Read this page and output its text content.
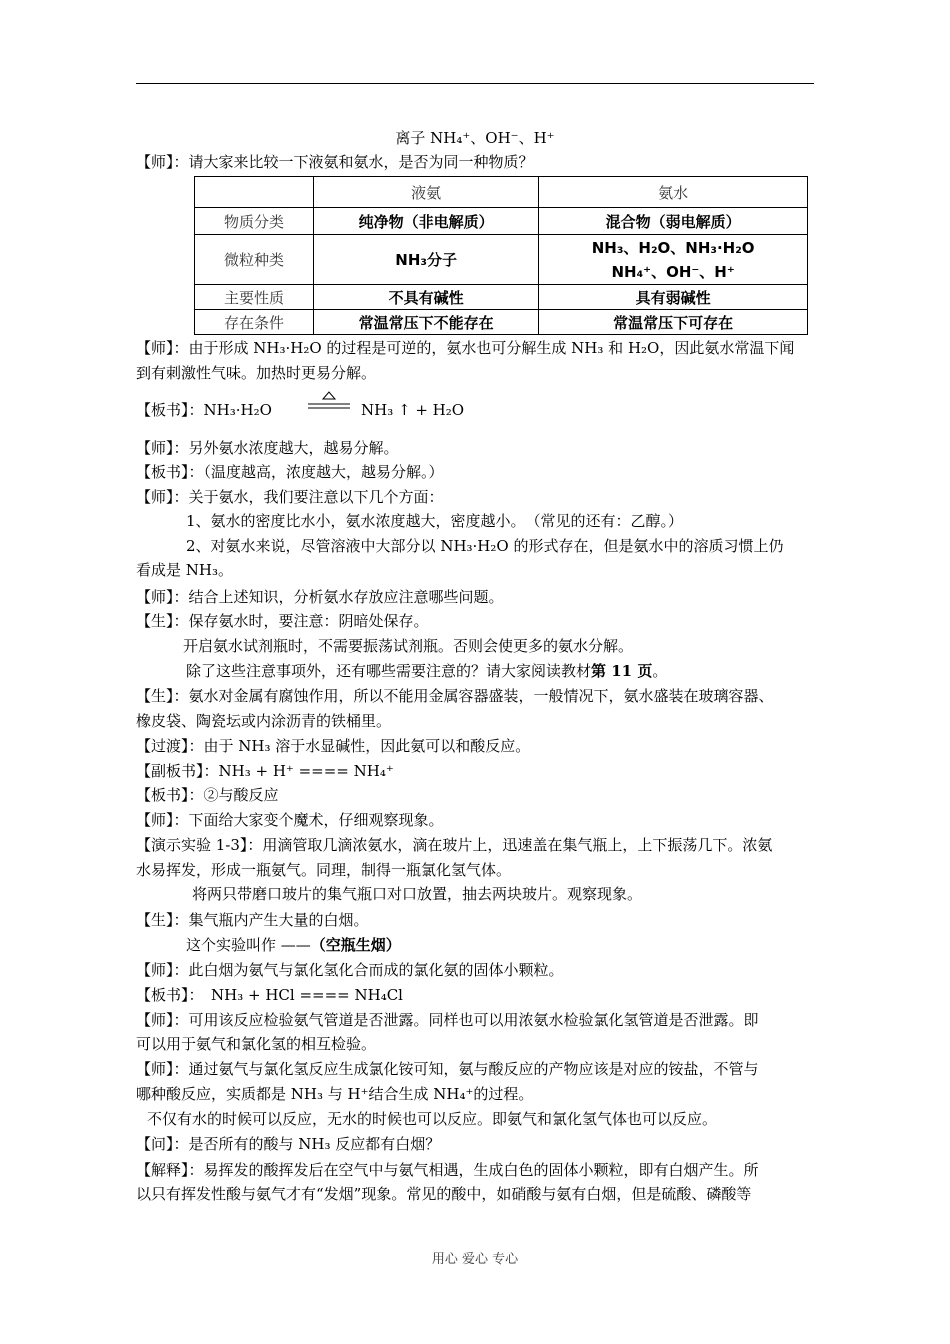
离子 NH₄⁺、OH⁻、H⁺
【师】：请大家来比较一下液氨和氨水，是否为同一种物质？
	液氨	氨水
物质分类	纯净物（非电解质）	混合物（弱电解质）
微粒种类	NH₃分子	NH₃、H₂O、NH₃·H₂O
NH₄⁺、OH⁻、H⁺

主要性质	不具有碱性	具有弱碱性
存在条件	常温常压下不能存在	常温常压下可存在
【师】：由于形成 NH₃·H₂O 的过程是可逆的，氨水也可分解生成 NH₃ 和 H₂O，因此氨水常温下闻
到有刺激性气味。加热时更易分解。
【板书】：NH₃·H₂O	NH₃ ↑ + H₂O
【师】：另外氨水浓度越大，越易分解。
【板书】：（温度越高，浓度越大，越易分解。）
【师】：关于氨水，我们要注意以下几个方面：
1、氨水的密度比水小，氨水浓度越大，密度越小。　（常见的还有：乙醇。）
2、对氨水来说，尽管溶液中大部分以 NH₃·H₂O 的形式存在，但是氨水中的溶质习惯上仍
看成是 NH₃。
【师】：结合上述知识，分析氨水存放应注意哪些问题。
【生】：保存氨水时，要注意：阴暗处保存。
开启氨水试剂瓶时，不需要振荡试剂瓶。否则会使更多的氨水分解。
除了这些注意事项外，还有哪些需要注意的？请大家阅读教材第 11 页。
【生】：氨水对金属有腐蚀作用，所以不能用金属容器盛装，一般情况下，氨水盛装在玻璃容器、
橡皮袋、陶瓷坛或内涂沥青的铁桶里。
【过渡】：由于 NH₃ 溶于水显碱性，因此氨可以和酸反应。
【副板书】：NH₃ + H⁺ ==== NH₄⁺
【板书】：②与酸反应
【师】：下面给大家变个魔术，仔细观察现象。
【演示实验 1-3】：用滴管取几滴浓氨水，滴在玻片上，迅速盖在集气瓶上，上下振荡几下。浓氨
水易挥发，形成一瓶氨气。同理，制得一瓶氯化氢气体。
将两只带磨口玻片的集气瓶口对口放置，抽去两块玻片。观察现象。
【生】：集气瓶内产生大量的白烟。
这个实验叫作 ——（空瓶生烟）
【师】：此白烟为氨气与氯化氢化合而成的氯化氨的固体小颗粒。
【板书】：　NH₃ + HCl ==== NH₄Cl
【师】：可用该反应检验氨气管道是否泄露。同样也可以用浓氨水检验氯化氢管道是否泄露。即
可以用于氨气和氯化氢的相互检验。
【师】：通过氨气与氯化氢反应生成氯化铵可知，氨与酸反应的产物应该是对应的铵盐，不管与
哪种酸反应，实质都是 NH₃ 与 H⁺结合生成 NH₄⁺的过程。
不仅有水的时候可以反应，无水的时候也可以反应。即氨气和氯化氢气体也可以反应。
【问】：是否所有的酸与 NH₃ 反应都有白烟？
【解释】：易挥发的酸挥发后在空气中与氨气相遇，生成白色的固体小颗粒，即有白烟产生。所
以只有挥发性酸与氨气才有“发烟”现象。常见的酸中，如硝酸与氨有白烟，但是硫酸、磷酸等
用心 爱心 专心
